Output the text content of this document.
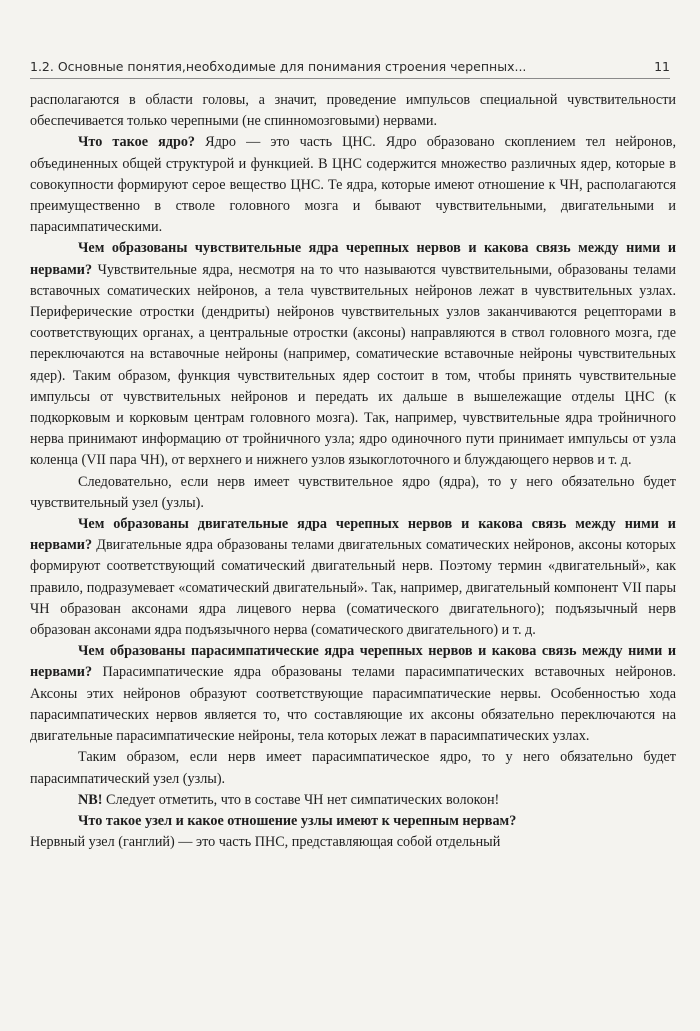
1.2. Основные понятия,необходимые для понимания строения черепных...	11

располагаются в области головы, а значит, проведение импульсов специальной чувствительности обеспечивается только черепными (не спинномозговыми) нервами.

Что такое ядро? Ядро — это часть ЦНС. Ядро образовано скоплением тел нейронов, объединенных общей структурой и функцией. В ЦНС содержится множество различных ядер, которые в совокупности формируют серое вещество ЦНС. Те ядра, которые имеют отношение к ЧН, располагаются преимущественно в стволе головного мозга и бывают чувствительными, двигательными и парасимпатическими.

Чем образованы чувствительные ядра черепных нервов и какова связь между ними и нервами? Чувствительные ядра, несмотря на то что называются чувствительными, образованы телами вставочных соматических нейронов, а тела чувствительных нейронов лежат в чувствительных узлах. Периферические отростки (дендриты) нейронов чувствительных узлов заканчиваются рецепторами в соответствующих органах, а центральные отростки (аксоны) направляются в ствол головного мозга, где переключаются на вставочные нейроны (например, соматические вставочные нейроны чувствительных ядер). Таким образом, функция чувствительных ядер состоит в том, чтобы принять чувствительные импульсы от чувствительных нейронов и передать их дальше в вышележащие отделы ЦНС (к подкорковым и корковым центрам головного мозга). Так, например, чувствительные ядра тройничного нерва принимают информацию от тройничного узла; ядро одиночного пути принимает импульсы от узла коленца (VII пара ЧН), от верхнего и нижнего узлов языкоглоточного и блуждающего нервов и т. д.

Следовательно, если нерв имеет чувствительное ядро (ядра), то у него обязательно будет чувствительный узел (узлы).

Чем образованы двигательные ядра черепных нервов и какова связь между ними и нервами? Двигательные ядра образованы телами двигательных соматических нейронов, аксоны которых формируют соответствующий соматический двигательный нерв. Поэтому термин «двигательный», как правило, подразумевает «соматический двигательный». Так, например, двигательный компонент VII пары ЧН образован аксонами ядра лицевого нерва (соматического двигательного); подъязычный нерв образован аксонами ядра подъязычного нерва (соматического двигательного) и т. д.

Чем образованы парасимпатические ядра черепных нервов и какова связь между ними и нервами? Парасимпатические ядра образованы телами парасимпатических вставочных нейронов. Аксоны этих нейронов образуют соответствующие парасимпатические нервы. Особенностью хода парасимпатических нервов является то, что составляющие их аксоны обязательно переключаются на двигательные парасимпатические нейроны, тела которых лежат в парасимпатических узлах.

Таким образом, если нерв имеет парасимпатическое ядро, то у него обязательно будет парасимпатический узел (узлы).

NB! Следует отметить, что в составе ЧН нет симпатических волокон!

Что такое узел и какое отношение узлы имеют к черепным нервам?

Нервный узел (ганглий) — это часть ПНС, представляющая собой отдельный
